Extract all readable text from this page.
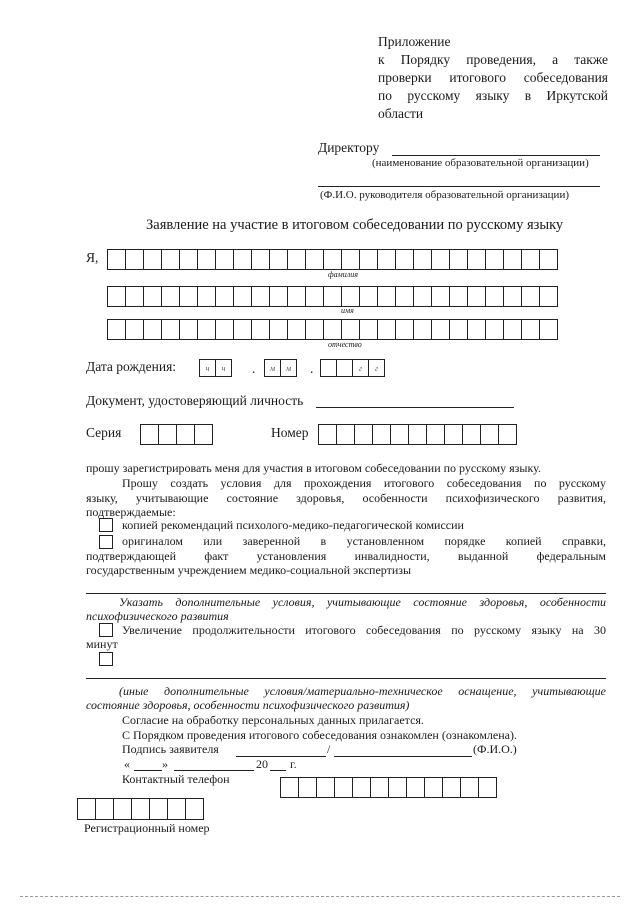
Приложение
к Порядку проведения, а также
проверки итогового собеседования
по русскому языку в Иркутской
области
Директору
(наименование образовательной организации)
(Ф.И.О. руководителя образовательной организации)
Заявление на участие в итоговом собеседовании по русскому языку
Я,
фамилия
имя
отчество
Дата рождения:	ч	ч	.	м	м	.	г	г
Документ, удостоверяющий личность
Серия	Номер
прошу зарегистрировать меня для участия в итоговом собеседовании по русскому языку.
Прошу создать условия для прохождения итогового собеседования по русскому
языку, учитывающие состояние здоровья, особенности психофизического развития,
подтверждаемые:
копией рекомендаций психолого-медико-педагогической комиссии
оригиналом или заверенной в установленном порядке копией справки,
подтверждающей факт установления инвалидности, выданной федеральным
государственным учреждением медико-социальной экспертизы
Указать дополнительные условия, учитывающие состояние здоровья, особенности
психофизического развития
Увеличение продолжительности итогового собеседования по русскому языку на 30
минут
(иные дополнительные условия/материально-техническое оснащение, учитывающие
состояние здоровья, особенности психофизического развития)
Согласие на обработку персональных данных прилагается.
С Порядком проведения итогового собеседования ознакомлен (ознакомлена).
Подпись заявителя	/	(Ф.И.О.)
«	»	20 г.
Контактный телефон
Регистрационный номер
